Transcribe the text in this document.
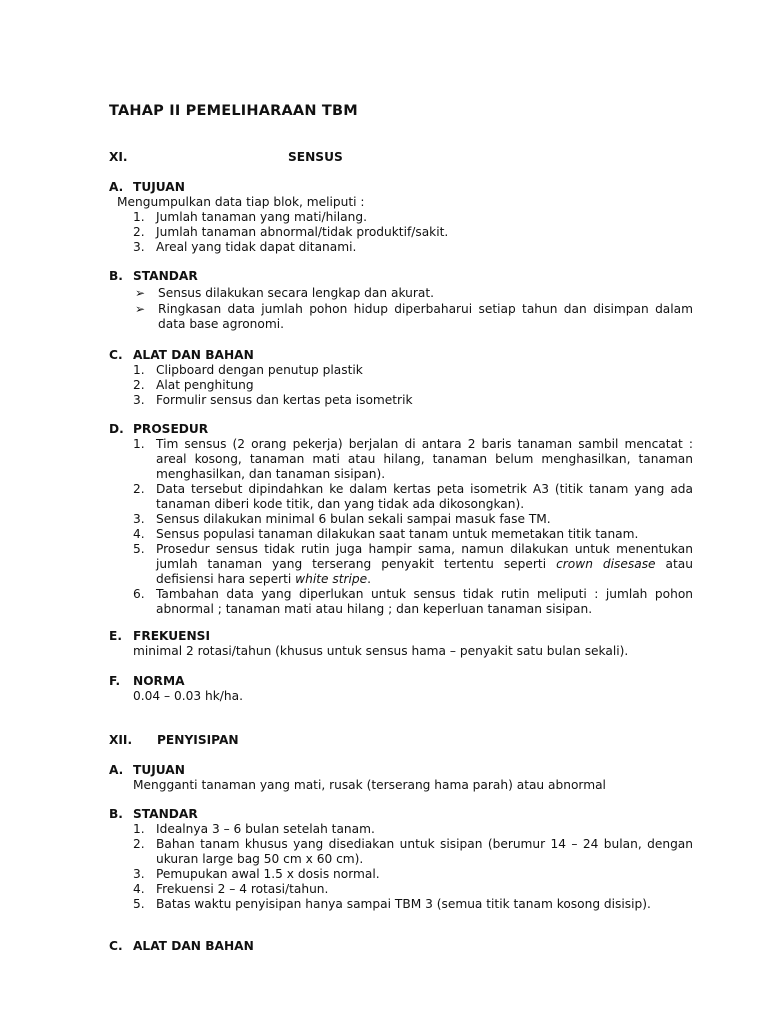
TAHAP II PEMELIHARAAN TBM
XI.	SENSUS
A. TUJUAN
Mengumpulkan data tiap blok, meliputi :
1. Jumlah tanaman yang mati/hilang.
2. Jumlah tanaman abnormal/tidak produktif/sakit.
3. Areal yang tidak dapat ditanami.
B. STANDAR
➢ Sensus dilakukan secara lengkap dan akurat.
➢ Ringkasan data jumlah pohon hidup diperbaharui setiap tahun dan disimpan dalam data base agronomi.
C. ALAT DAN BAHAN
1. Clipboard dengan penutup plastik
2. Alat penghitung
3. Formulir sensus dan kertas peta isometrik
D. PROSEDUR
1. Tim sensus (2 orang pekerja) berjalan di antara 2 baris tanaman sambil mencatat : areal kosong, tanaman mati atau hilang, tanaman belum menghasilkan, tanaman menghasilkan, dan tanaman sisipan).
2. Data tersebut dipindahkan ke dalam kertas peta isometrik A3 (titik tanam yang ada tanaman diberi kode titik, dan yang tidak ada dikosongkan).
3. Sensus dilakukan minimal 6 bulan sekali sampai masuk fase TM.
4. Sensus populasi tanaman dilakukan saat tanam untuk memetakan titik tanam.
5. Prosedur sensus tidak rutin juga hampir sama, namun dilakukan untuk menentukan jumlah tanaman yang terserang penyakit tertentu seperti crown disesase atau defisiensi hara seperti white stripe.
6. Tambahan data yang diperlukan untuk sensus tidak rutin meliputi : jumlah pohon abnormal ; tanaman mati atau hilang ; dan keperluan tanaman sisipan.
E. FREKUENSI
minimal 2 rotasi/tahun (khusus untuk sensus hama – penyakit satu bulan sekali).
F. NORMA
0.04 – 0.03 hk/ha.
XII. PENYISIPAN
A. TUJUAN
Mengganti tanaman yang mati, rusak (terserang hama parah) atau abnormal
B. STANDAR
1. Idealnya 3 – 6 bulan setelah tanam.
2. Bahan tanam khusus yang disediakan untuk sisipan (berumur 14 – 24 bulan, dengan ukuran large bag 50 cm x 60 cm).
3. Pemupukan awal 1.5 x dosis normal.
4. Frekuensi 2 – 4 rotasi/tahun.
5. Batas waktu penyisipan hanya sampai TBM 3 (semua titik tanam kosong disisip).
C. ALAT DAN BAHAN
